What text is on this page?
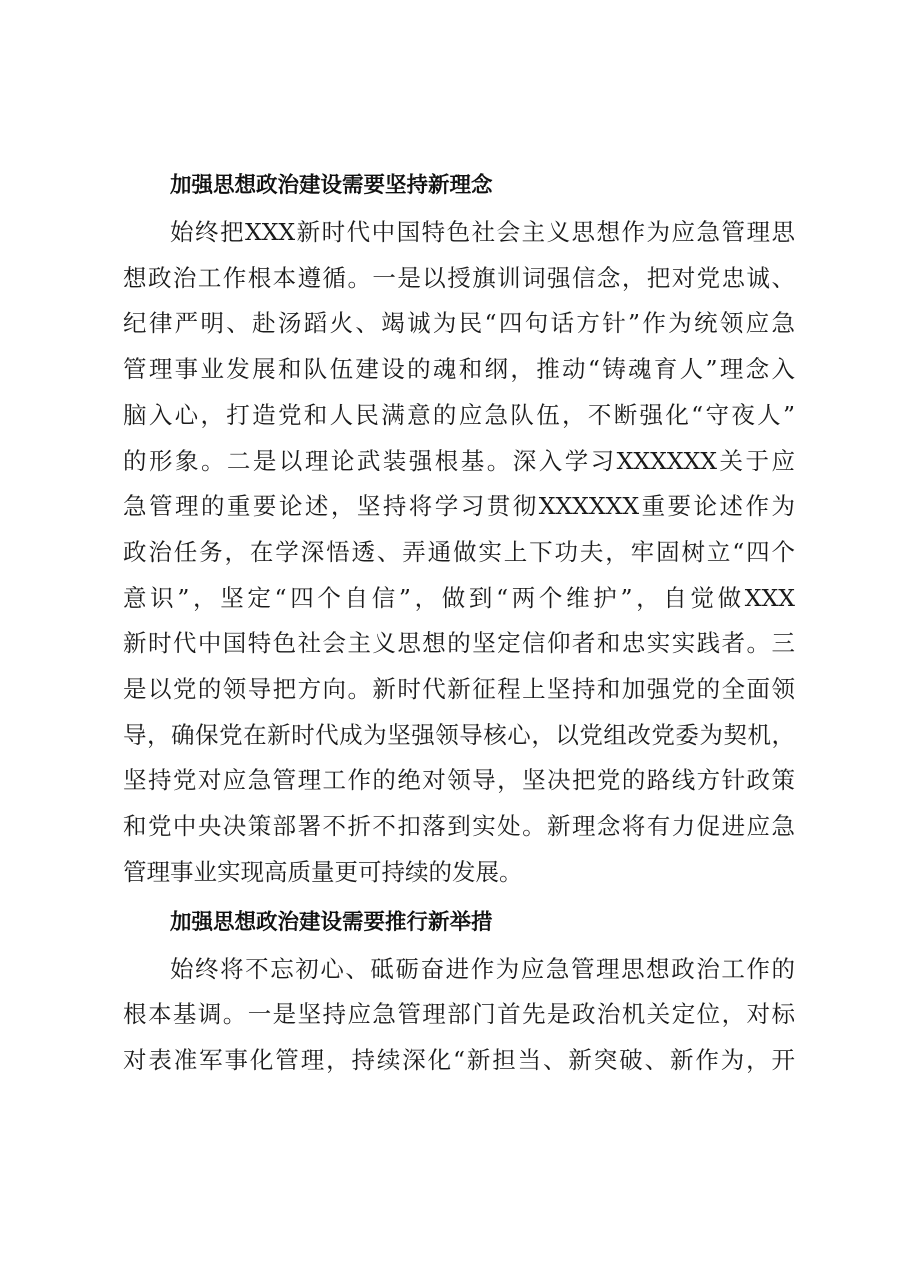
加强思想政治建设需要坚持新理念
始终把XXX新时代中国特色社会主义思想作为应急管理思
想政治工作根本遵循。一是以授旗训词强信念，把对党忠诚、
纪律严明、赴汤蹈火、竭诚为民“四句话方针”作为统领应急
管理事业发展和队伍建设的魂和纲，推动“铸魂育人”理念入
脑入心，打造党和人民满意的应急队伍，不断强化“守夜人”
的形象。二是以理论武装强根基。深入学习XXXXXX关于应
急管理的重要论述，坚持将学习贯彻XXXXXX重要论述作为
政治任务，在学深悟透、弄通做实上下功夫，牢固树立“四个
意识”，坚定“四个自信”，做到“两个维护”，自觉做XXX
新时代中国特色社会主义思想的坚定信仰者和忠实实践者。三
是以党的领导把方向。新时代新征程上坚持和加强党的全面领
导，确保党在新时代成为坚强领导核心，以党组改党委为契机，
坚持党对应急管理工作的绝对领导，坚决把党的路线方针政策
和党中央决策部署不折不扣落到实处。新理念将有力促进应急
管理事业实现高质量更可持续的发展。
加强思想政治建设需要推行新举措
始终将不忘初心、砥砺奋进作为应急管理思想政治工作的
根本基调。一是坚持应急管理部门首先是政治机关定位，对标
对表准军事化管理，持续深化“新担当、新突破、新作为，开
